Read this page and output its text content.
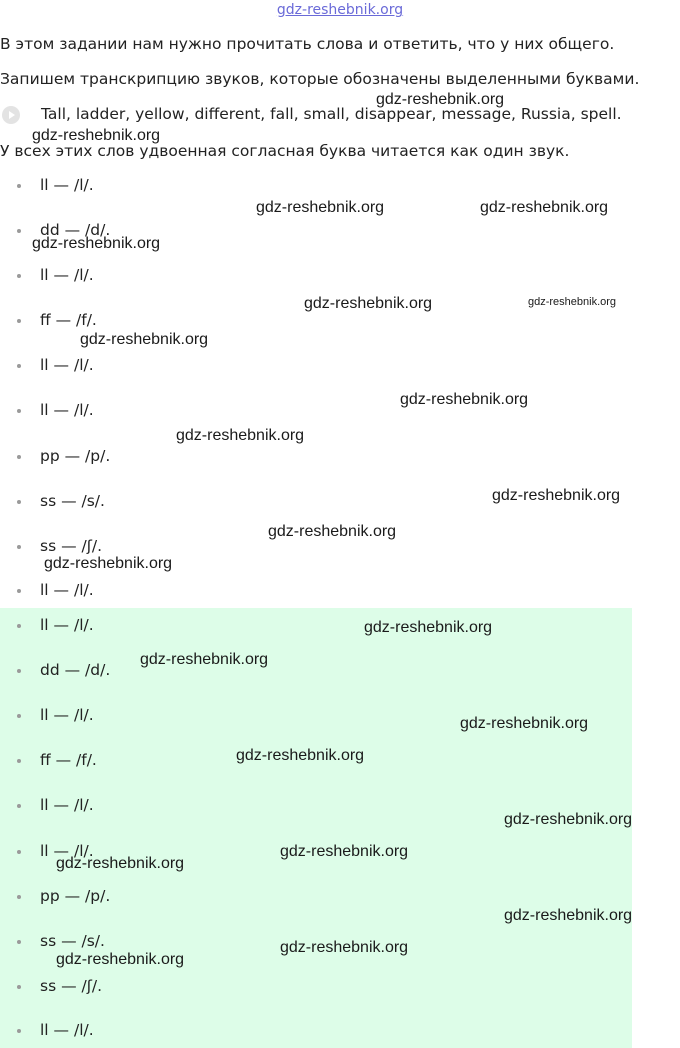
gdz-reshebnik.org
В этом задании нам нужно прочитать слова и ответить, что у них общего.
Запишем транскрипцию звуков, которые обозначены выделенными буквами.
Tall, ladder, yellow, different, fall, small, disappear, message, Russia, spell.
У всех этих слов удвоенная согласная буква читается как один звук.
ll — /l/.
dd — /d/.
ll — /l/.
ff — /f/.
ll — /l/.
ll — /l/.
pp — /p/.
ss — /s/.
ss — /ʃ/.
ll — /l/.
ll — /l/.
dd — /d/.
ll — /l/.
ff — /f/.
ll — /l/.
ll — /l/.
pp — /p/.
ss — /s/.
ss — /ʃ/.
ll — /l/.
gdz-reshebnik.org
gdz-reshebnik.org
gdz-reshebnik.org	gdz-reshebnik.org
gdz-reshebnik.org
gdz-reshebnik.org	gdz-reshebnik.org
gdz-reshebnik.org
gdz-reshebnik.org
gdz-reshebnik.org
gdz-reshebnik.org
gdz-reshebnik.org
gdz-reshebnik.org
gdz-reshebnik.org
gdz-reshebnik.org
gdz-reshebnik.org
gdz-reshebnik.org
gdz-reshebnik.org
gdz-reshebnik.org
gdz-reshebnik.org
gdz-reshebnik.org
gdz-reshebnik.org
gdz-reshebnik.org
